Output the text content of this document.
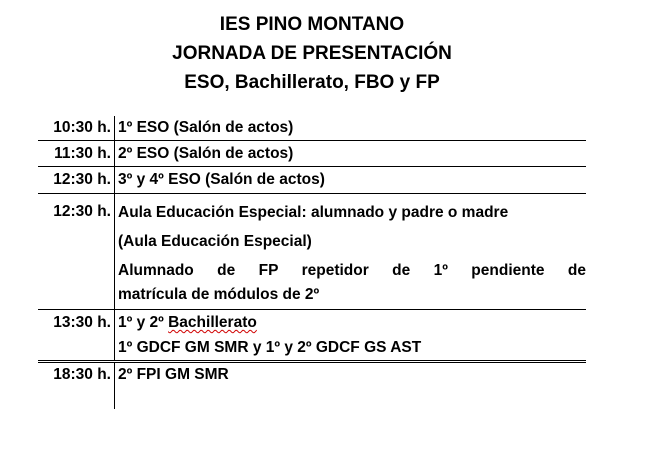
IES PINO MONTANO
JORNADA DE PRESENTACIÓN
ESO, Bachillerato, FBO y FP
10:30 h. 1º ESO (Salón de actos)
11:30 h. 2º ESO (Salón de actos)
12:30 h. 3º y 4º ESO (Salón de actos)
12:30 h. Aula Educación Especial: alumnado y padre o madre
(Aula Educación Especial)
Alumnado de FP repetidor de 1º pendiente de
matrícula de módulos de 2º
13:30 h. 1º y 2º Bachillerato
1º GDCF GM SMR y 1º y 2º GDCF GS AST
18:30 h. 2º FPI GM SMR
